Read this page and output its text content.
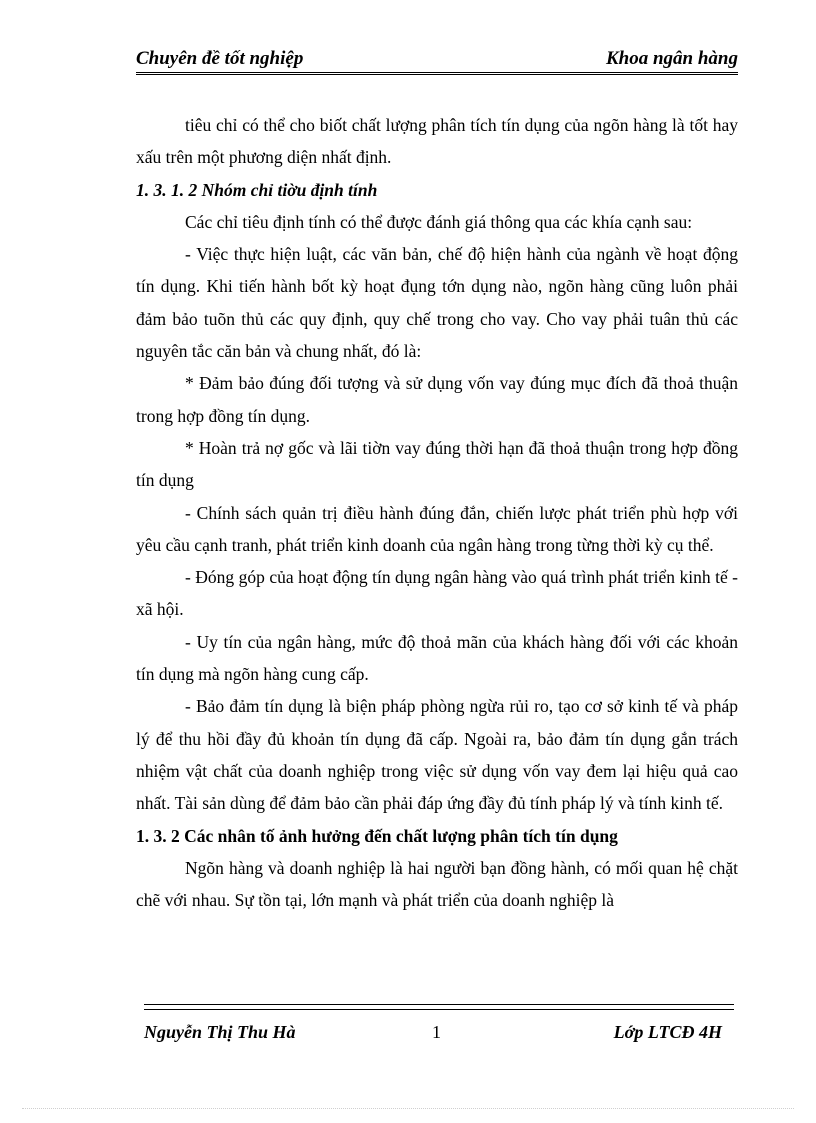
Chuyên đề tốt nghiệp	Khoa ngân hàng

tiêu chỉ có thể cho biốt chất lượng phân tích tín dụng của ngõn hàng là tốt hay xấu trên một phương diện nhất định.

1. 3. 1. 2 Nhóm chỉ tiờu định tính

Các chỉ tiêu định tính có thể được đánh giá thông qua các khía cạnh sau:

- Việc thực hiện luật, các văn bản, chế độ hiện hành của ngành về hoạt động tín dụng. Khi tiến hành bốt kỳ hoạt đụng tớn dụng nào, ngõn hàng cũng luôn phải đảm bảo tuõn thủ các quy định, quy chế trong cho vay. Cho vay phải tuân thủ các nguyên tắc căn bản và chung nhất, đó là:

* Đảm bảo đúng đối tượng và sử dụng vốn vay đúng mục đích đã thoả thuận trong hợp đồng tín dụng.

* Hoàn trả nợ gốc và lãi tiờn vay đúng thời hạn đã thoả thuận trong hợp đồng tín dụng

- Chính sách quản trị điều hành đúng đắn, chiến lược phát triển phù hợp với yêu cầu cạnh tranh, phát triển kinh doanh của ngân hàng trong từng thời kỳ cụ thể.

- Đóng góp của hoạt động tín dụng ngân hàng vào quá trình phát triển kinh tế - xã hội.

- Uy tín của ngân hàng, mức độ thoả mãn của khách hàng đối với các khoản tín dụng mà ngõn hàng cung cấp.

- Bảo đảm tín dụng là biện pháp phòng ngừa rủi ro, tạo cơ sở kinh tế và pháp lý để thu hồi đầy đủ khoản tín dụng đã cấp. Ngoài ra, bảo đảm tín dụng gắn trách nhiệm vật chất của doanh nghiệp trong việc sử dụng vốn vay đem lại hiệu quả cao nhất. Tài sản dùng để đảm bảo cần phải đáp ứng đầy đủ tính pháp lý và tính kinh tế.

1. 3. 2 Các nhân tố ảnh hưởng đến chất lượng phân tích tín dụng

Ngõn hàng và doanh nghiệp là hai người bạn đồng hành, có mối quan hệ chặt chẽ với nhau. Sự tồn tại, lớn mạnh và phát triển của doanh nghiệp là

Nguyễn Thị Thu Hà	1	Lớp LTCĐ 4H
